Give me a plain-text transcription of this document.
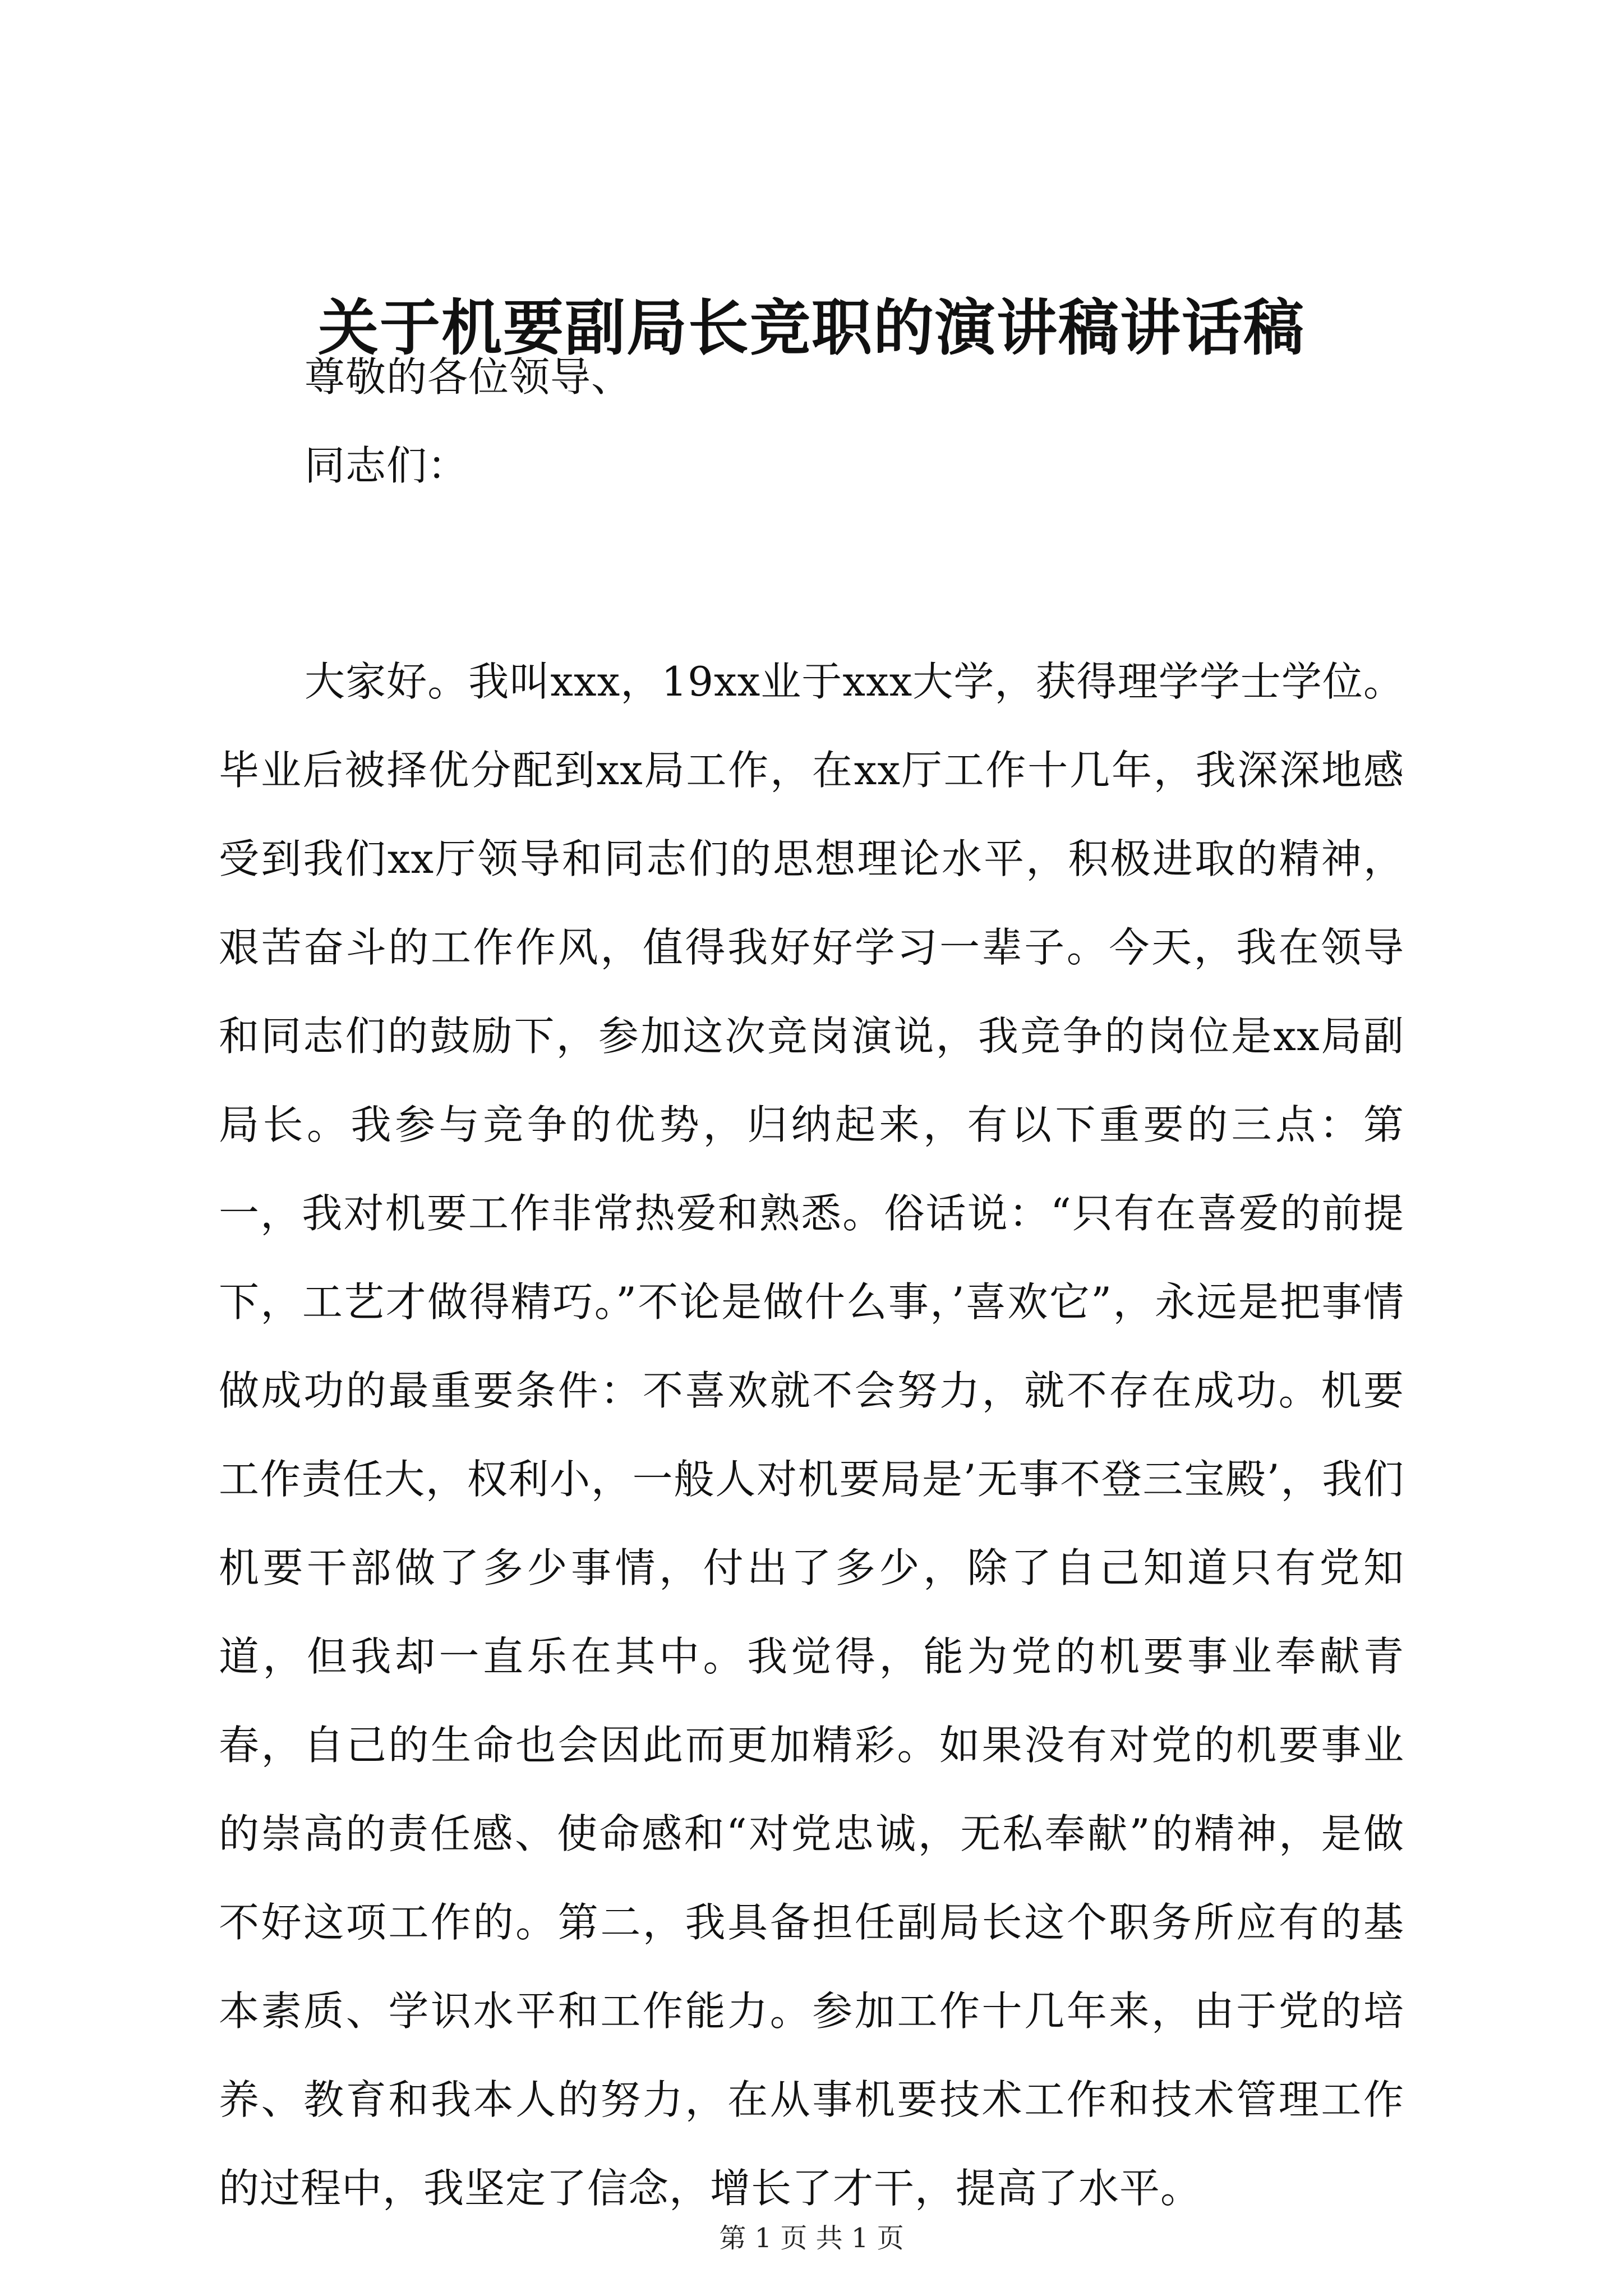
关于机要副局长竞职的演讲稿讲话稿
尊敬的各位领导、
同志们：
大家好。我叫xxx，19xx业于xxx大学，获得理学学士学位。毕业后被择优分配到xx局工作，在xx厅工作十几年，我深深地感受到我们xx厅领导和同志们的思想理论水平，积极进取的精神，艰苦奋斗的工作作风，值得我好好学习一辈子。今天，我在领导和同志们的鼓励下，参加这次竞岗演说，我竞争的岗位是xx局副局长。我参与竞争的优势，归纳起来，有以下重要的三点：第一，我对机要工作非常热爱和熟悉。俗话说：“只有在喜爱的前提下，工艺才做得精巧。”不论是做什么事，’喜欢它”，永远是把事情做成功的最重要条件：不喜欢就不会努力，就不存在成功。机要工作责任大，权利小，一般人对机要局是’无事不登三宝殿’，我们机要干部做了多少事情，付出了多少，除了自己知道只有党知道，但我却一直乐在其中。我觉得，能为党的机要事业奉献青春，自己的生命也会因此而更加精彩。如果没有对党的机要事业的崇高的责任感、使命感和“对党忠诚，无私奉献”的精神，是做不好这项工作的。第二，我具备担任副局长这个职务所应有的基本素质、学识水平和工作能力。参加工作十几年来，由于党的培养、教育和我本人的努力，在从事机要技术工作和技术管理工作的过程中，我坚定了信念，增长了才干，提高了水平。
第 1 页 共 1 页
